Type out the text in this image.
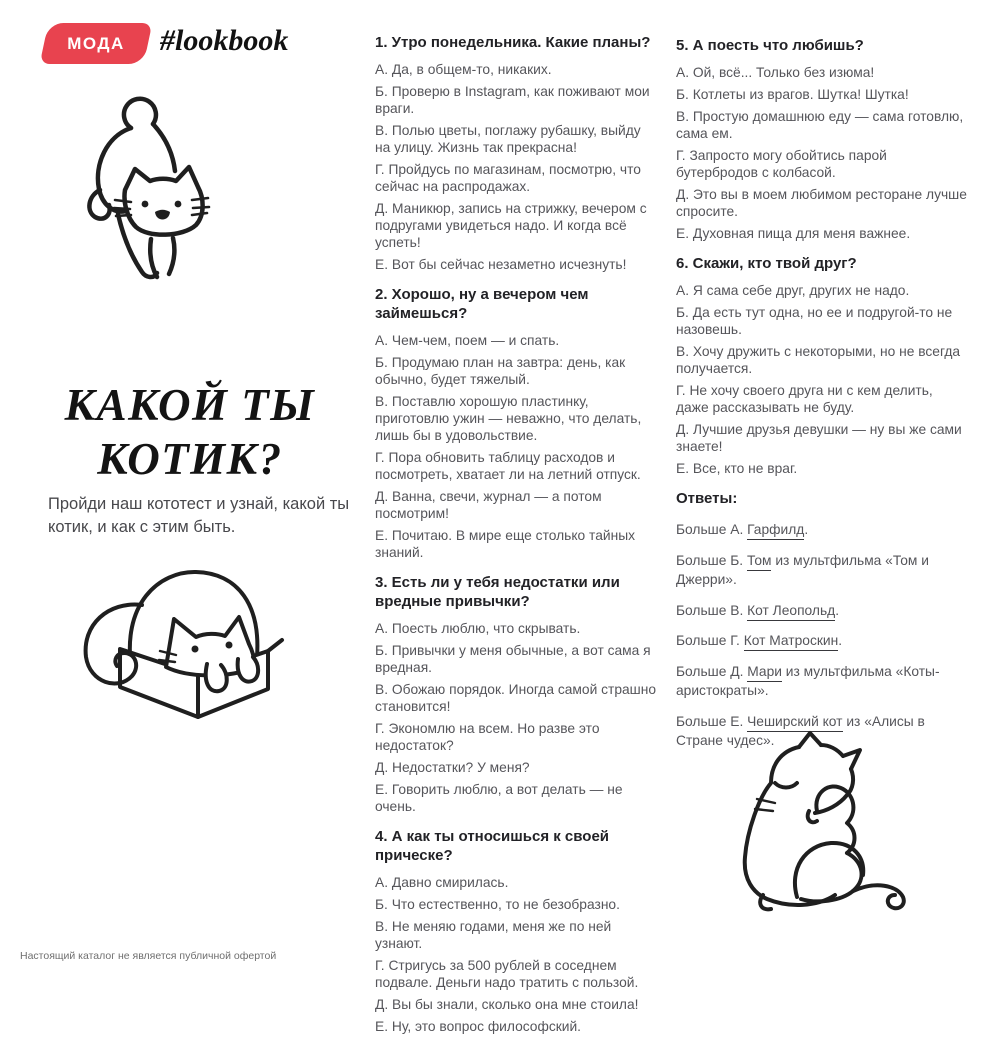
МОДА #lookbook
КАКОЙ ТЫ
КОТИК?

Пройди наш кототест и узнай, какой ты котик, и как с этим быть.

1. Утро понедельника. Какие планы?

А. Да, в общем-то, никаких.

Б. Проверю в Instagram, как поживают мои враги.

В. Полью цветы, поглажу рубашку, выйду на улицу. Жизнь так прекрасна!

Г. Пройдусь по магазинам, посмотрю, что сейчас на распродажах.

Д. Маникюр, запись на стрижку, вечером с подругами увидеться надо. И когда всё успеть!

Е. Вот бы сейчас незаметно исчезнуть!

2. Хорошо, ну а вечером чем займешься?

А. Чем-чем, поем — и спать.

Б. Продумаю план на завтра: день, как обычно, будет тяжелый.

В. Поставлю хорошую пластинку, приготовлю ужин — неважно, что делать, лишь бы в удовольствие.

Г. Пора обновить таблицу расходов и посмотреть, хватает ли на летний отпуск.

Д. Ванна, свечи, журнал — а потом посмотрим!

Е. Почитаю. В мире еще столько тайных знаний.

3. Есть ли у тебя недостатки или вредные привычки?

А. Поесть люблю, что скрывать.

Б. Привычки у меня обычные, а вот сама я вредная.

В. Обожаю порядок. Иногда самой страшно становится!

Г. Экономлю на всем. Но разве это недостаток?

Д. Недостатки? У меня?

Е. Говорить люблю, а вот делать — не очень.

4. А как ты относишься к своей прическе?

А. Давно смирилась.

Б. Что естественно, то не безобразно.

В. Не меняю годами, меня же по ней узнают.

Г. Стригусь за 500 рублей в соседнем подвале. Деньги надо тратить с пользой.

Д. Вы бы знали, сколько она мне стоила!

Е. Ну, это вопрос философский.

5. А поесть что любишь?

А. Ой, всё... Только без изюма!

Б. Котлеты из врагов. Шутка! Шутка!

В. Простую домашнюю еду — сама готовлю, сама ем.

Г. Запросто могу обойтись парой бутербродов с колбасой.

Д. Это вы в моем любимом ресторане лучше спросите.

Е. Духовная пища для меня важнее.

6. Скажи, кто твой друг?

А. Я сама себе друг, других не надо.

Б. Да есть тут одна, но ее и подругой-то не назовешь.

В. Хочу дружить с некоторыми, но не всегда получается.

Г. Не хочу своего друга ни с кем делить, даже рассказывать не буду.

Д. Лучшие друзья девушки — ну вы же сами знаете!

Е. Все, кто не враг.

Ответы:

Больше А. Гарфилд.

Больше Б. Том из мультфильма «Том и Джерри».

Больше В. Кот Леопольд.

Больше Г. Кот Матроскин.

Больше Д. Мари из мультфильма «Коты-аристократы».

Больше Е. Чеширский кот из «Алисы в Стране чудес».

Настоящий каталог не является публичной офертой
